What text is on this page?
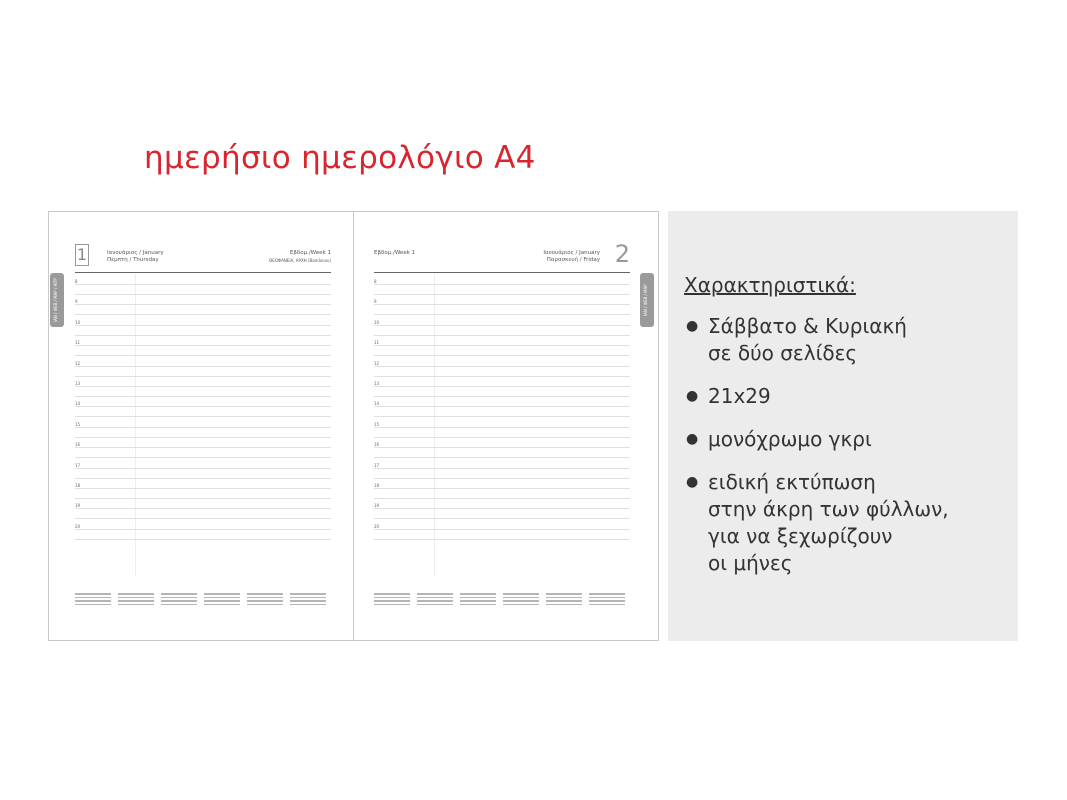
ημερήσιο ημερολόγιο Α4
1	Ιανουάριος / January
Πέμπτη / Thursday
Εβδομ./Week 1
ΘΕΟΦΑΝΕΙΑ, ΑΡΧΗ (Βασιλειου)
8
9
10
11
12
13
14
15
16
17
18
19
20
Εβδομ./Week 1	Ιανουάριος / January
Παρασκευή / Friday 2
8
9
10
11
12
13
14
15
16
17
18
19
20
ΙΑΝ / ΦΕΒ / ΜΑΡ / ΑΠΡ	ΙΑΝ / ΦΕΒ / ΜΑΡ Χαρακτηριστικά:
● Σάββατο & Κυριακή
σε δύο σελίδες
● 21x29
● μονόχρωμο γκρι
● ειδική εκτύπωση
στην άκρη των φύλλων,
για να ξεχωρίζουν
οι μήνες
